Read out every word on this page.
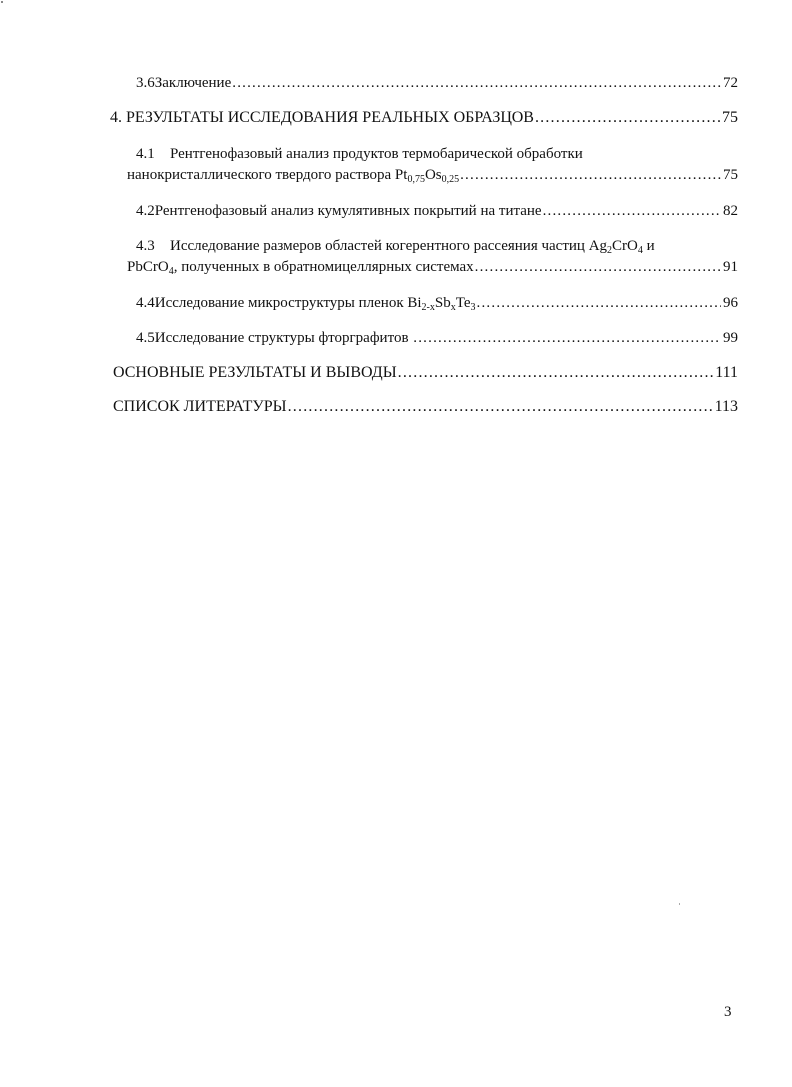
3.6 Заключение .....	72
4. РЕЗУЛЬТАТЫ ИССЛЕДОВАНИЯ РЕАЛЬНЫХ ОБРАЗЦОВ .....	75
4.1 Рентгенофазовый анализ продуктов термобарической обработки
нанокристаллического твердого раствора $Pt_{0,75}Os_{0,25}$ .....	75
4.2 Рентгенофазовый анализ кумулятивных покрытий на титане .....	82
4.3 Исследование размеров областей когерентного рассеяния частиц $Ag_2CrO_4$ и
PbCrO$_4$, полученных в обратномицеллярных системах .....	91
4.4 Исследование микроструктуры пленок $Bi_{2-x}Sb_xTe_3$ .....	96
4.5 Исследование структуры фторграфитов .....	99
ОСНОВНЫЕ РЕЗУЛЬТАТЫ И ВЫВОДЫ .....	111
СПИСОК ЛИТЕРАТУРЫ .....	113
3
